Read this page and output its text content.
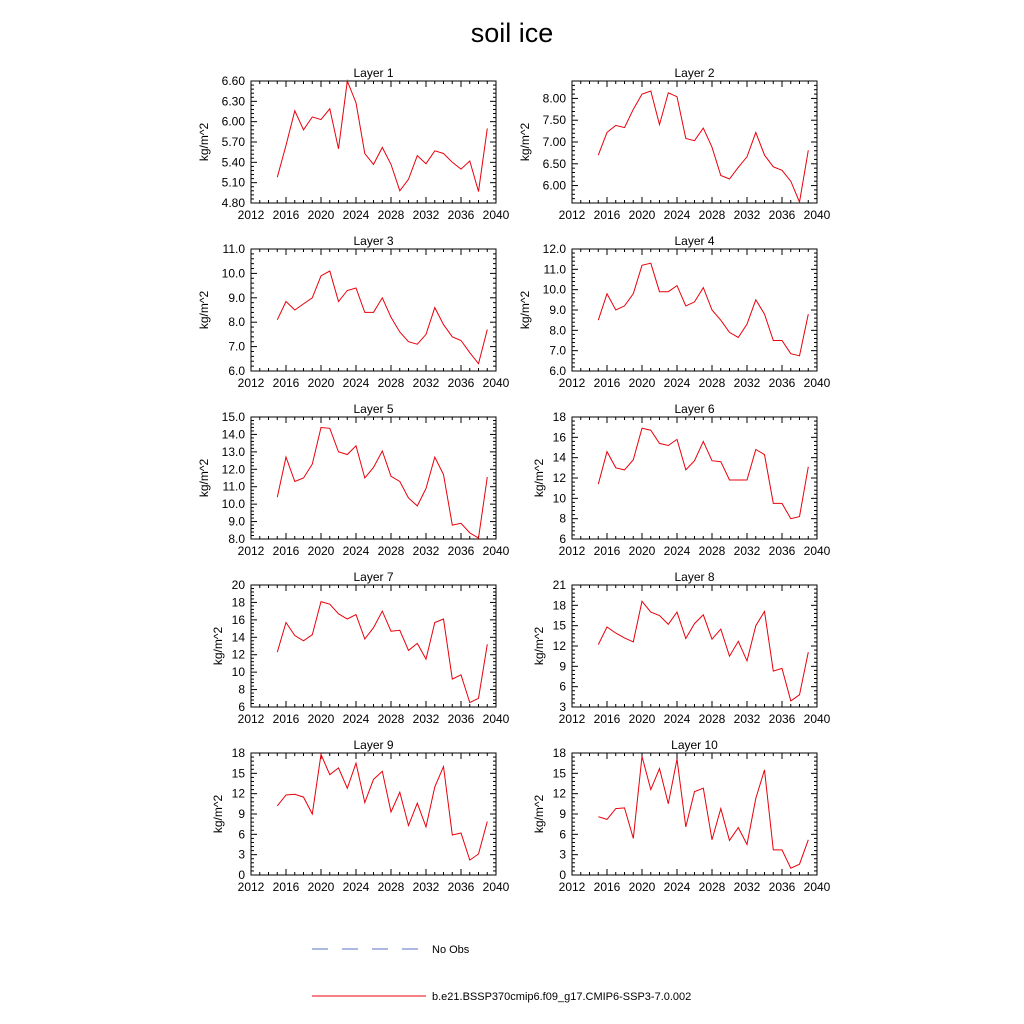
soil ice
Layer 1
2012 2016 2020 2024 2028 2032 2036 2040
4.80
5.10
5.40
5.70
6.00
6.30
6.60
kg/m^2
Layer 2
2012 2016 2020 2024 2028 2032 2036 2040
6.00
6.50
7.00
7.50
8.00
kg/m^2
Layer 3
2012 2016 2020 2024 2028 2032 2036 2040
6.0
7.0
8.0
9.0
10.0
11.0
kg/m^2
Layer 4
2012 2016 2020 2024 2028 2032 2036 2040
6.0
7.0
8.0
9.0
10.0
11.0
12.0
kg/m^2
Layer 5
2012 2016 2020 2024 2028 2032 2036 2040
8.0
9.0
10.0
11.0
12.0
13.0
14.0
15.0
kg/m^2
Layer 6
2012 2016 2020 2024 2028 2032 2036 2040
6
8
10
12
14
16
18
kg/m^2
Layer 7
2012 2016 2020 2024 2028 2032 2036 2040
6
8
10
12
14
16
18
20
kg/m^2
Layer 8
2012 2016 2020 2024 2028 2032 2036 2040
3
6
9
12
15
18
21
kg/m^2
Layer 9
2012 2016 2020 2024 2028 2032 2036 2040
0
3
6
9
12
15
18
kg/m^2
Layer 10
2012 2016 2020 2024 2028 2032 2036 2040
0
3
6
9
12
15
18
kg/m^2
No Obs
b.e21.BSSP370cmip6.f09_g17.CMIP6-SSP3-7.0.002
